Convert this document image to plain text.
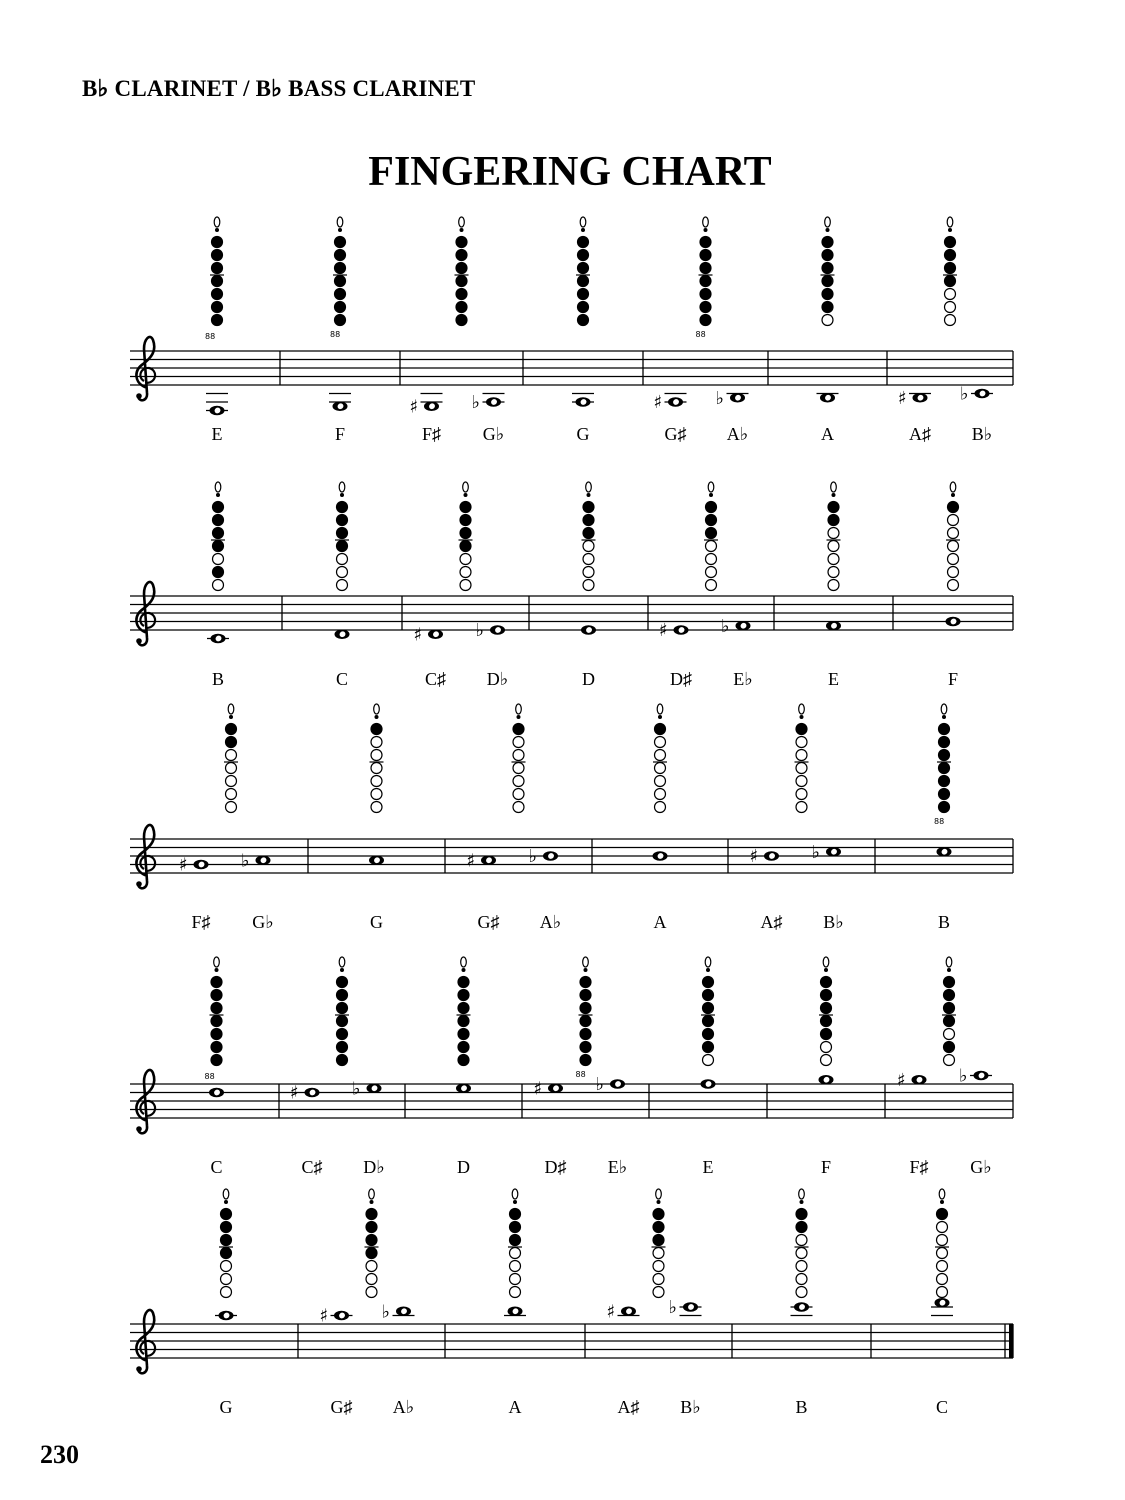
B♭ CLARINET / B♭ BASS CLARINET
FINGERING CHART
88
E
88
F
♯
F♯
♭
G♭	G
88
♯
G♯
♭
A♭	A
♯
A♯
♭
B♭
B	C
♯
C♯
♭
D♭	D
♯
D♯
♭
E♭	E	F
♯
F♯
♭
G♭	G
♯
G♯
♭
A♭	A
♯
A♯
♭
B♭
88
B
88
C
♯
C♯
♭
D♭	D
88
♯
D♯
♭
E♭	E	F
♯
F♯
♭
G♭
G
♯
G♯
♭
A♭	A
♯
A♯
♭
B♭	B	C
230
